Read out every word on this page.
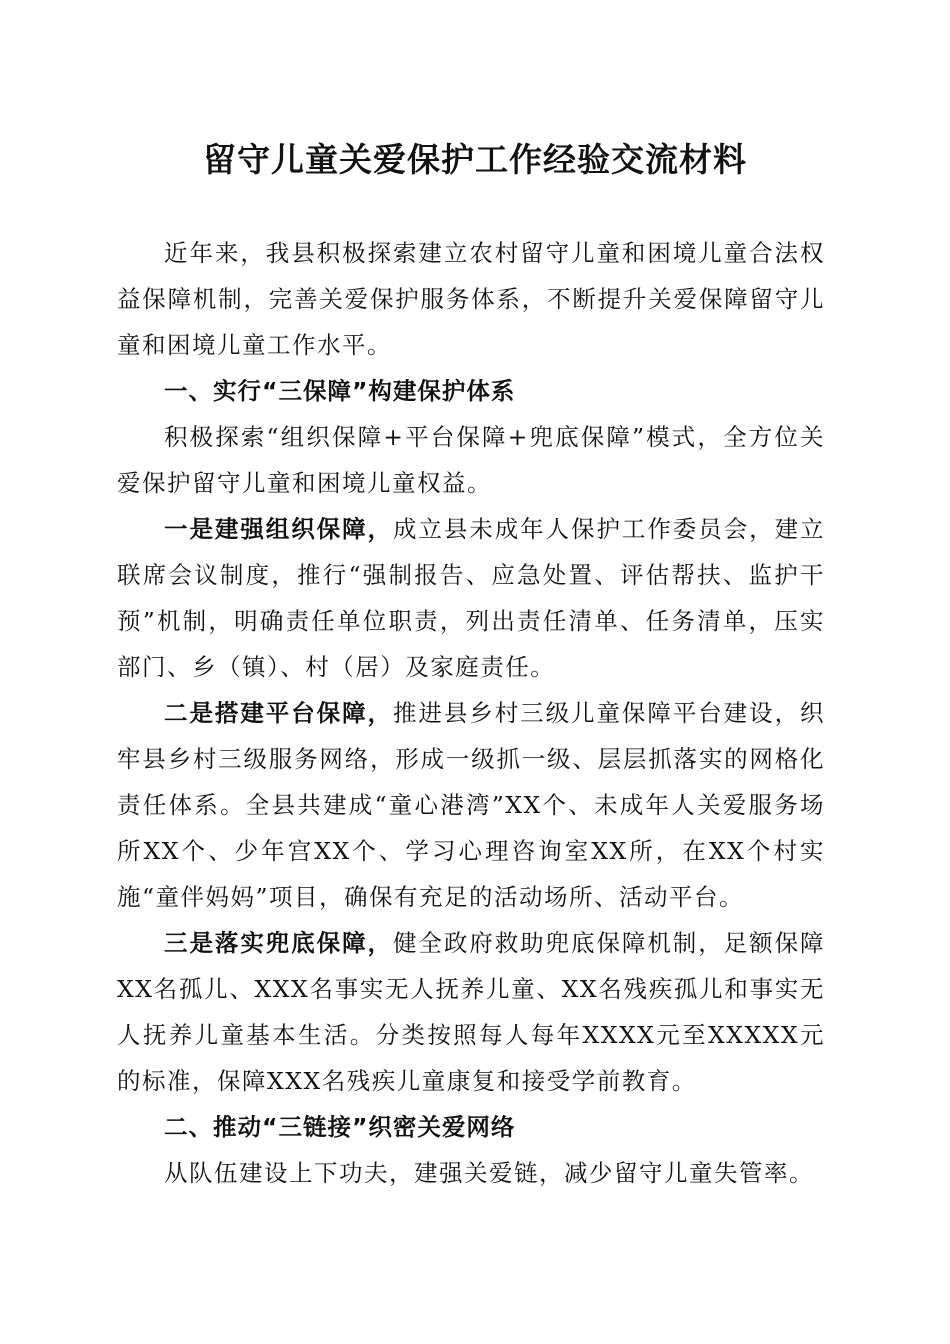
留守儿童关爱保护工作经验交流材料

近年来，我县积极探索建立农村留守儿童和困境儿童合法权益保障机制，完善关爱保护服务体系，不断提升关爱保障留守儿童和困境儿童工作水平。

一、实行“三保障”构建保护体系

积极探索“组织保障+平台保障+兜底保障”模式，全方位关爱保护留守儿童和困境儿童权益。

一是建强组织保障，成立县未成年人保护工作委员会，建立联席会议制度，推行“强制报告、应急处置、评估帮扶、监护干预”机制，明确责任单位职责，列出责任清单、任务清单，压实部门、乡（镇）、村（居）及家庭责任。

二是搭建平台保障，推进县乡村三级儿童保障平台建设，织牢县乡村三级服务网络，形成一级抓一级、层层抓落实的网格化责任体系。全县共建成“童心港湾”XX个、未成年人关爱服务场所XX个、少年宫XX个、学习心理咨询室XX所，在XX个村实施“童伴妈妈”项目，确保有充足的活动场所、活动平台。

三是落实兜底保障，健全政府救助兜底保障机制，足额保障XX名孤儿、XXX名事实无人抚养儿童、XX名残疾孤儿和事实无人抚养儿童基本生活。分类按照每人每年XXXX元至XXXXX元的标准，保障XXX名残疾儿童康复和接受学前教育。

二、推动“三链接”织密关爱网络

从队伍建设上下功夫，建强关爱链，减少留守儿童失管率。
